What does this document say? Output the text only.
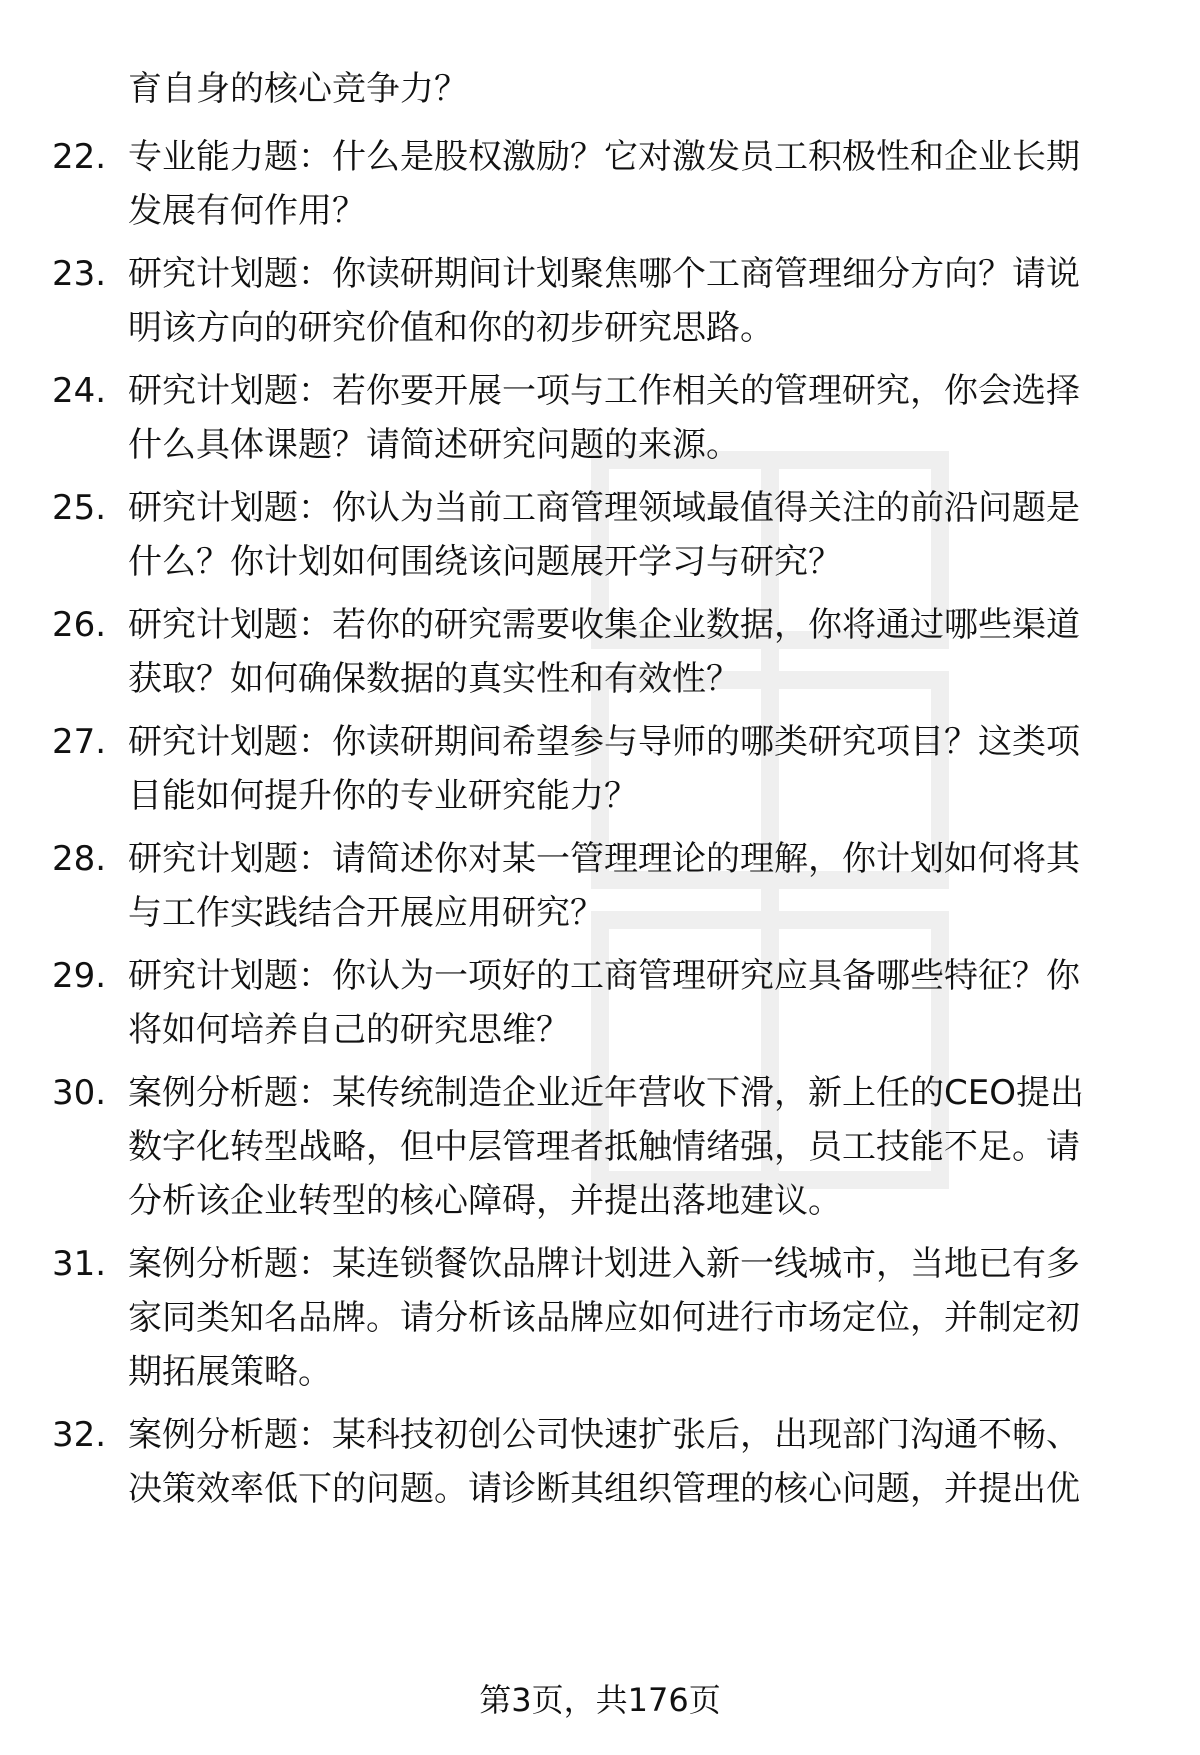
育自身的核心竞争力？
22. 专业能力题：什么是股权激励？它对激发员工积极性和企业长期
发展有何作用？
23. 研究计划题：你读研期间计划聚焦哪个工商管理细分方向？请说
明该方向的研究价值和你的初步研究思路。
24. 研究计划题：若你要开展一项与工作相关的管理研究，你会选择
什么具体课题？请简述研究问题的来源。
25. 研究计划题：你认为当前工商管理领域最值得关注的前沿问题是
什么？你计划如何围绕该问题展开学习与研究？
26. 研究计划题：若你的研究需要收集企业数据，你将通过哪些渠道
获取？如何确保数据的真实性和有效性？
27. 研究计划题：你读研期间希望参与导师的哪类研究项目？这类项
目能如何提升你的专业研究能力？
28. 研究计划题：请简述你对某一管理理论的理解，你计划如何将其
与工作实践结合开展应用研究？
29. 研究计划题：你认为一项好的工商管理研究应具备哪些特征？你
将如何培养自己的研究思维？
30. 案例分析题：某传统制造企业近年营收下滑，新上任的CEO提出
数字化转型战略，但中层管理者抵触情绪强，员工技能不足。请
分析该企业转型的核心障碍，并提出落地建议。
31. 案例分析题：某连锁餐饮品牌计划进入新一线城市，当地已有多
家同类知名品牌。请分析该品牌应如何进行市场定位，并制定初
期拓展策略。
32. 案例分析题：某科技初创公司快速扩张后，出现部门沟通不畅、
决策效率低下的问题。请诊断其组织管理的核心问题，并提出优
第3页，共176页
